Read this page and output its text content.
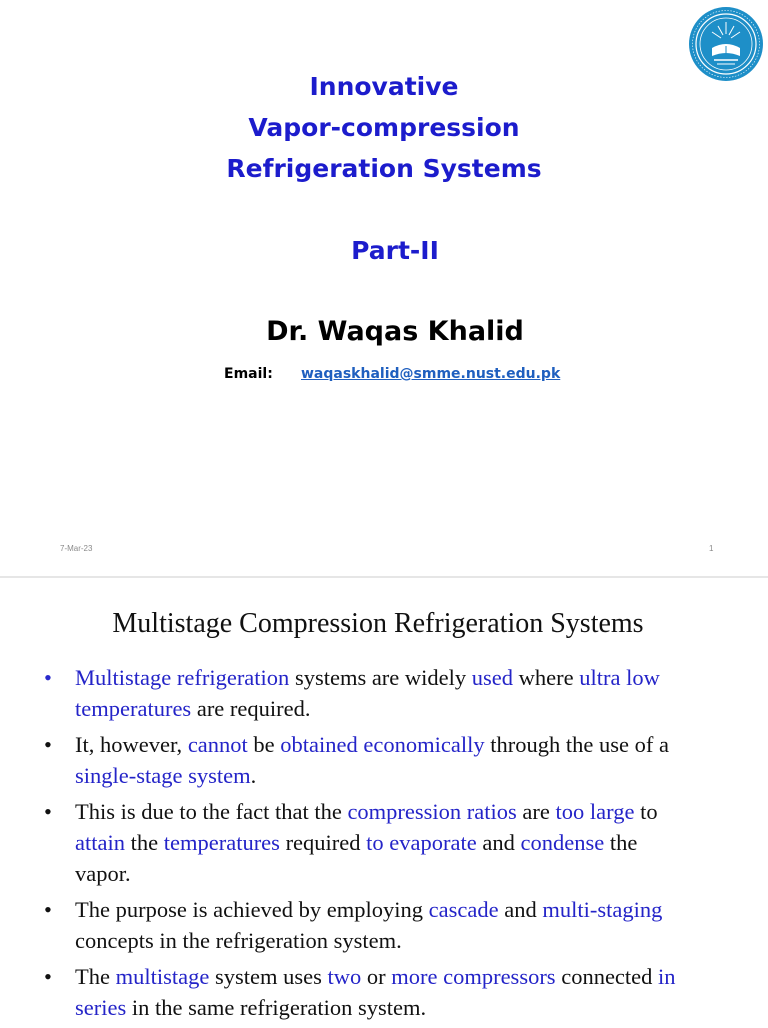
Innovative
Vapor-compression
Refrigeration Systems
Part-II
Dr. Waqas Khalid
Email: waqaskhalid@smme.nust.edu.pk
7-Mar-23	1
Multistage Compression Refrigeration Systems
• Multistage refrigeration systems are widely used where ultra low temperatures are required.
• It, however, cannot be obtained economically through the use of a single-stage system.
• This is due to the fact that the compression ratios are too large to attain the temperatures required to evaporate and condense the vapor.
• The purpose is achieved by employing cascade and multi-staging concepts in the refrigeration system.
• The multistage system uses two or more compressors connected in series in the same refrigeration system.
